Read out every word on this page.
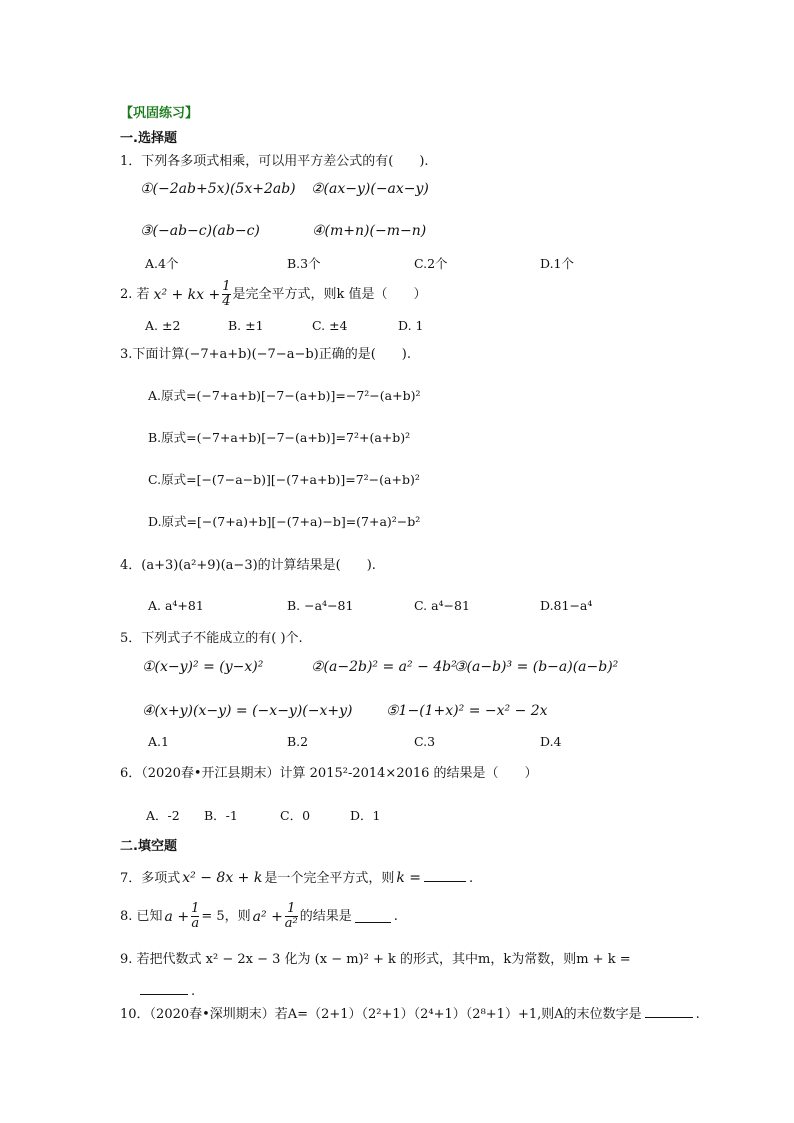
【巩固练习】
一.选择题
1．下列各多项式相乘，可以用平方差公式的有(　　).
①(−2ab+5x)(5x+2ab) ②(ax−y)(−ax−y)
③(−ab−c)(ab−c)	④(m+n)(−m−n)
A.4个	B.3个	C.2个	D.1个
2. 若 x² + kx + $\frac{1}{4}$ 是完全平方式，则k 值是（　　）
A. ±2	B. ±1	C. ±4	D. 1
3.下面计算(−7+a+b)(−7−a−b)正确的是(　　).
A.原式=(−7+a+b)[−7−(a+b)]=−7²−(a+b)²
B.原式=(−7+a+b)[−7−(a+b)]=7²+(a+b)²
C.原式=[−(7−a−b)][−(7+a+b)]=7²−(a+b)²
D.原式=[−(7+a)+b][−(7+a)−b]=(7+a)²−b²
4．(a+3)(a²+9)(a−3)的计算结果是(　　).
A. a⁴+81	B. −a⁴−81	C. a⁴−81	D.81−a⁴
5．下列式子不能成立的有( )个.
①(x−y)² = (y−x)²	②(a−2b)² = a² − 4b²
③(a−b)³ = (b−a)(a−b)²
④(x+y)(x−y) = (−x−y)(−x+y) ⑤1−(1+x)² = −x² − 2x
A.1	B.2	C.3	D.4
6．（2020春•开江县期末）计算 2015²-2014×2016 的结果是（　　）
A．-2 B．-1	C．0	D．1
二.填空题
7．多项式 x² − 8x + k 是一个完全平方式，则 k =	.
8. 已知 $a + \frac{1}{a} = 5$，则 $a^2 + \frac{1}{\text{a²}}$ 的结果是	.
9. 若把代数式 x² − 2x − 3 化为 (x − m)² + k 的形式，其中m，k为常数，则m + k =
.
10．（2020春•深圳期末）若A=（2+1）（2²+1）（2⁴+1）（2⁸+1）+1,则A的末位数字是	.
